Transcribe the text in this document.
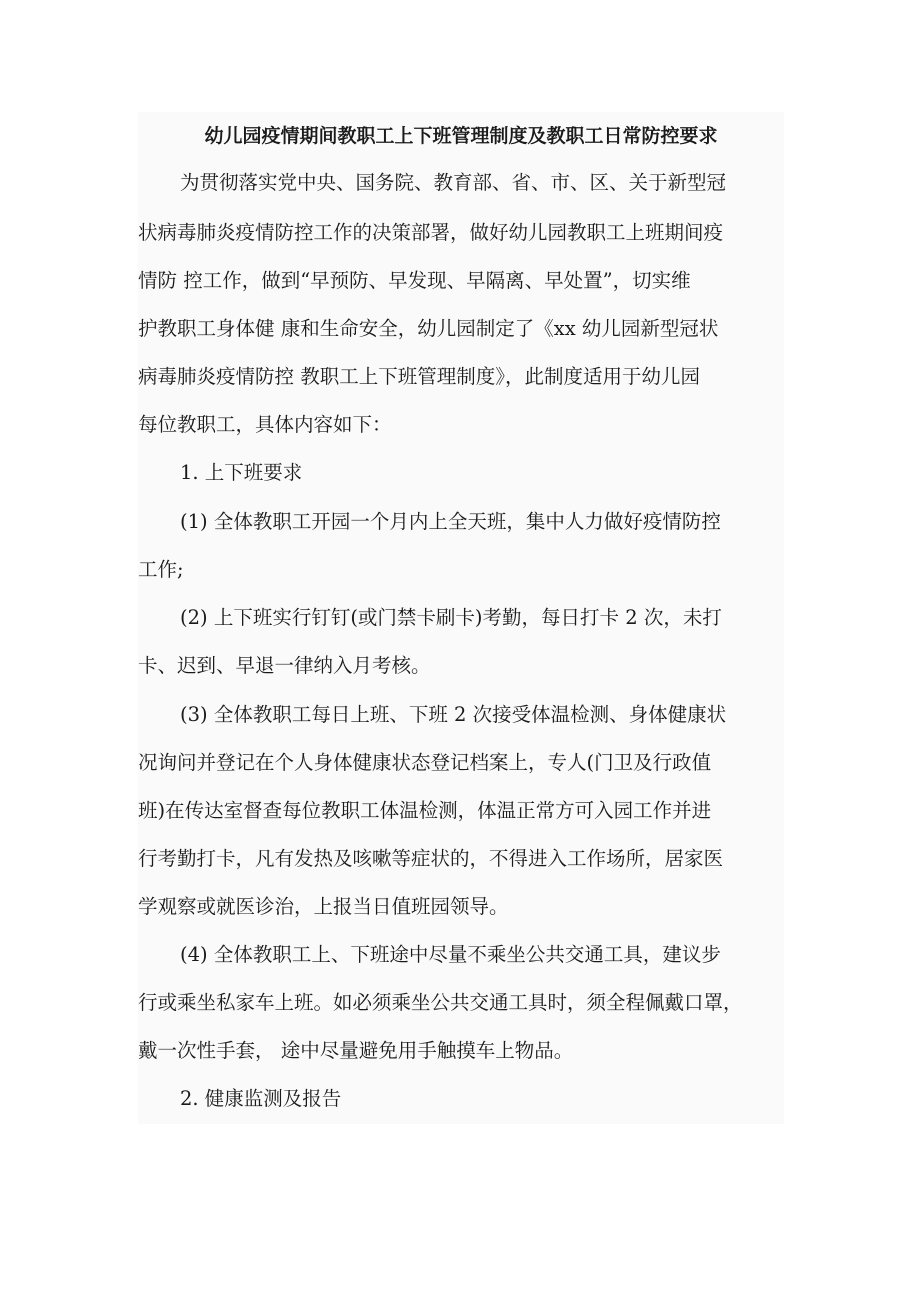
幼儿园疫情期间教职工上下班管理制度及教职工日常防控要求
为贯彻落实党中央、国务院、教育部、省、市、区、关于新型冠
状病毒肺炎疫情防控工作的决策部署，做好幼儿园教职工上班期间疫
情防 控工作，做到“早预防、早发现、早隔离、早处置”，切实维
护教职工身体健 康和生命安全，幼儿园制定了《xx 幼儿园新型冠状
病毒肺炎疫情防控 教职工上下班管理制度》，此制度适用于幼儿园
每位教职工，具体内容如下：
1. 上下班要求
(1) 全体教职工开园一个月内上全天班，集中人力做好疫情防控
工作;
(2) 上下班实行钉钉(或门禁卡刷卡)考勤，每日打卡 2 次，未打
卡、迟到、早退一律纳入月考核。
(3) 全体教职工每日上班、下班 2 次接受体温检测、身体健康状
况询问并登记在个人身体健康状态登记档案上，专人(门卫及行政值
班)在传达室督查每位教职工体温检测，体温正常方可入园工作并进
行考勤打卡，凡有发热及咳嗽等症状的，不得进入工作场所，居家医
学观察或就医诊治，上报当日值班园领导。
(4) 全体教职工上、下班途中尽量不乘坐公共交通工具，建议步
行或乘坐私家车上班。如必须乘坐公共交通工具时，须全程佩戴口罩，
戴一次性手套， 途中尽量避免用手触摸车上物品。
2. 健康监测及报告
